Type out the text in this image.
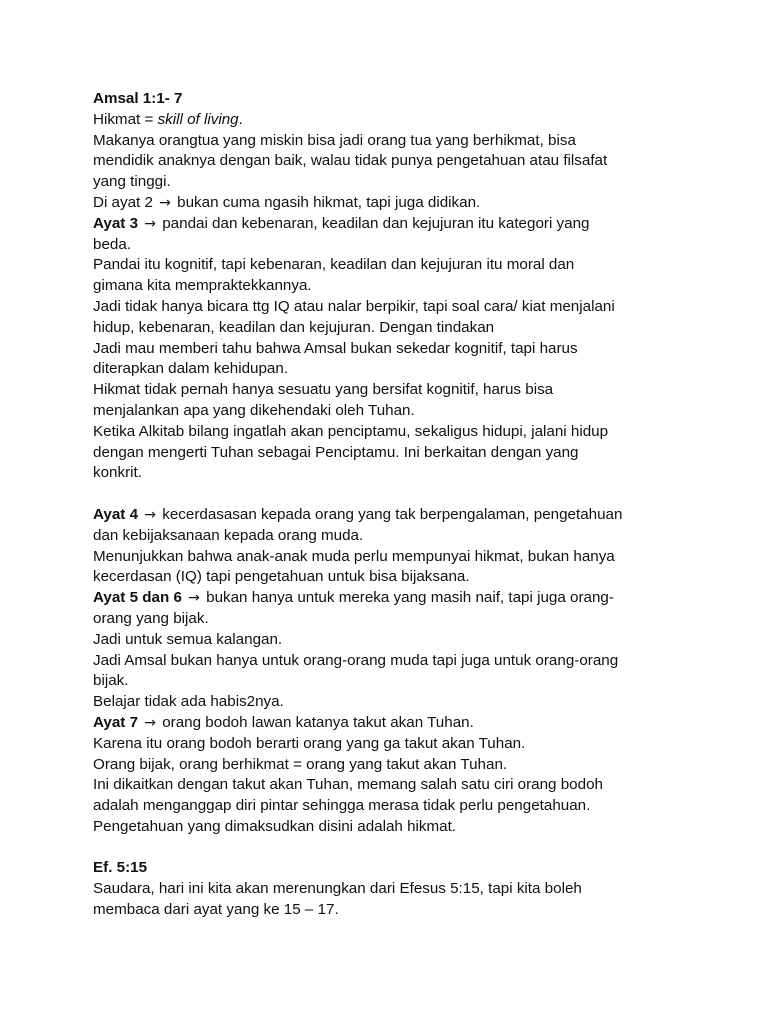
Amsal 1:1- 7
Hikmat = skill of living.
Makanya orangtua yang miskin bisa jadi orang tua yang berhikmat, bisa
mendidik anaknya dengan baik, walau tidak punya pengetahuan atau filsafat
yang tinggi.
Di ayat 2 → bukan cuma ngasih hikmat, tapi juga didikan.
Ayat 3 → pandai dan kebenaran, keadilan dan kejujuran itu kategori yang
beda.
Pandai itu kognitif, tapi kebenaran, keadilan dan kejujuran itu moral dan
gimana kita mempraktekkannya.
Jadi tidak hanya bicara ttg IQ atau nalar berpikir, tapi soal cara/ kiat menjalani
hidup, kebenaran, keadilan dan kejujuran. Dengan tindakan
Jadi mau memberi tahu bahwa Amsal bukan sekedar kognitif, tapi harus
diterapkan dalam kehidupan.
Hikmat tidak pernah hanya sesuatu yang bersifat kognitif, harus bisa
menjalankan apa yang dikehendaki oleh Tuhan.
Ketika Alkitab bilang ingatlah akan penciptamu, sekaligus hidupi, jalani hidup
dengan mengerti Tuhan sebagai Penciptamu. Ini berkaitan dengan yang
konkrit.
Ayat 4 → kecerdasasan kepada orang yang tak berpengalaman, pengetahuan
dan kebijaksanaan kepada orang muda.
Menunjukkan bahwa anak-anak muda perlu mempunyai hikmat, bukan hanya
kecerdasan (IQ) tapi pengetahuan untuk bisa bijaksana.
Ayat 5 dan 6 → bukan hanya untuk mereka yang masih naif, tapi juga orang-
orang yang bijak.
Jadi untuk semua kalangan.
Jadi Amsal bukan hanya untuk orang-orang muda tapi juga untuk orang-orang
bijak.
Belajar tidak ada habis2nya.
Ayat 7 → orang bodoh lawan katanya takut akan Tuhan.
Karena itu orang bodoh berarti orang yang ga takut akan Tuhan.
Orang bijak, orang berhikmat = orang yang takut akan Tuhan.
Ini dikaitkan dengan takut akan Tuhan, memang salah satu ciri orang bodoh
adalah menganggap diri pintar sehingga merasa tidak perlu pengetahuan.
Pengetahuan yang dimaksudkan disini adalah hikmat.
Ef. 5:15
Saudara, hari ini kita akan merenungkan dari Efesus 5:15, tapi kita boleh
membaca dari ayat yang ke 15 – 17.
